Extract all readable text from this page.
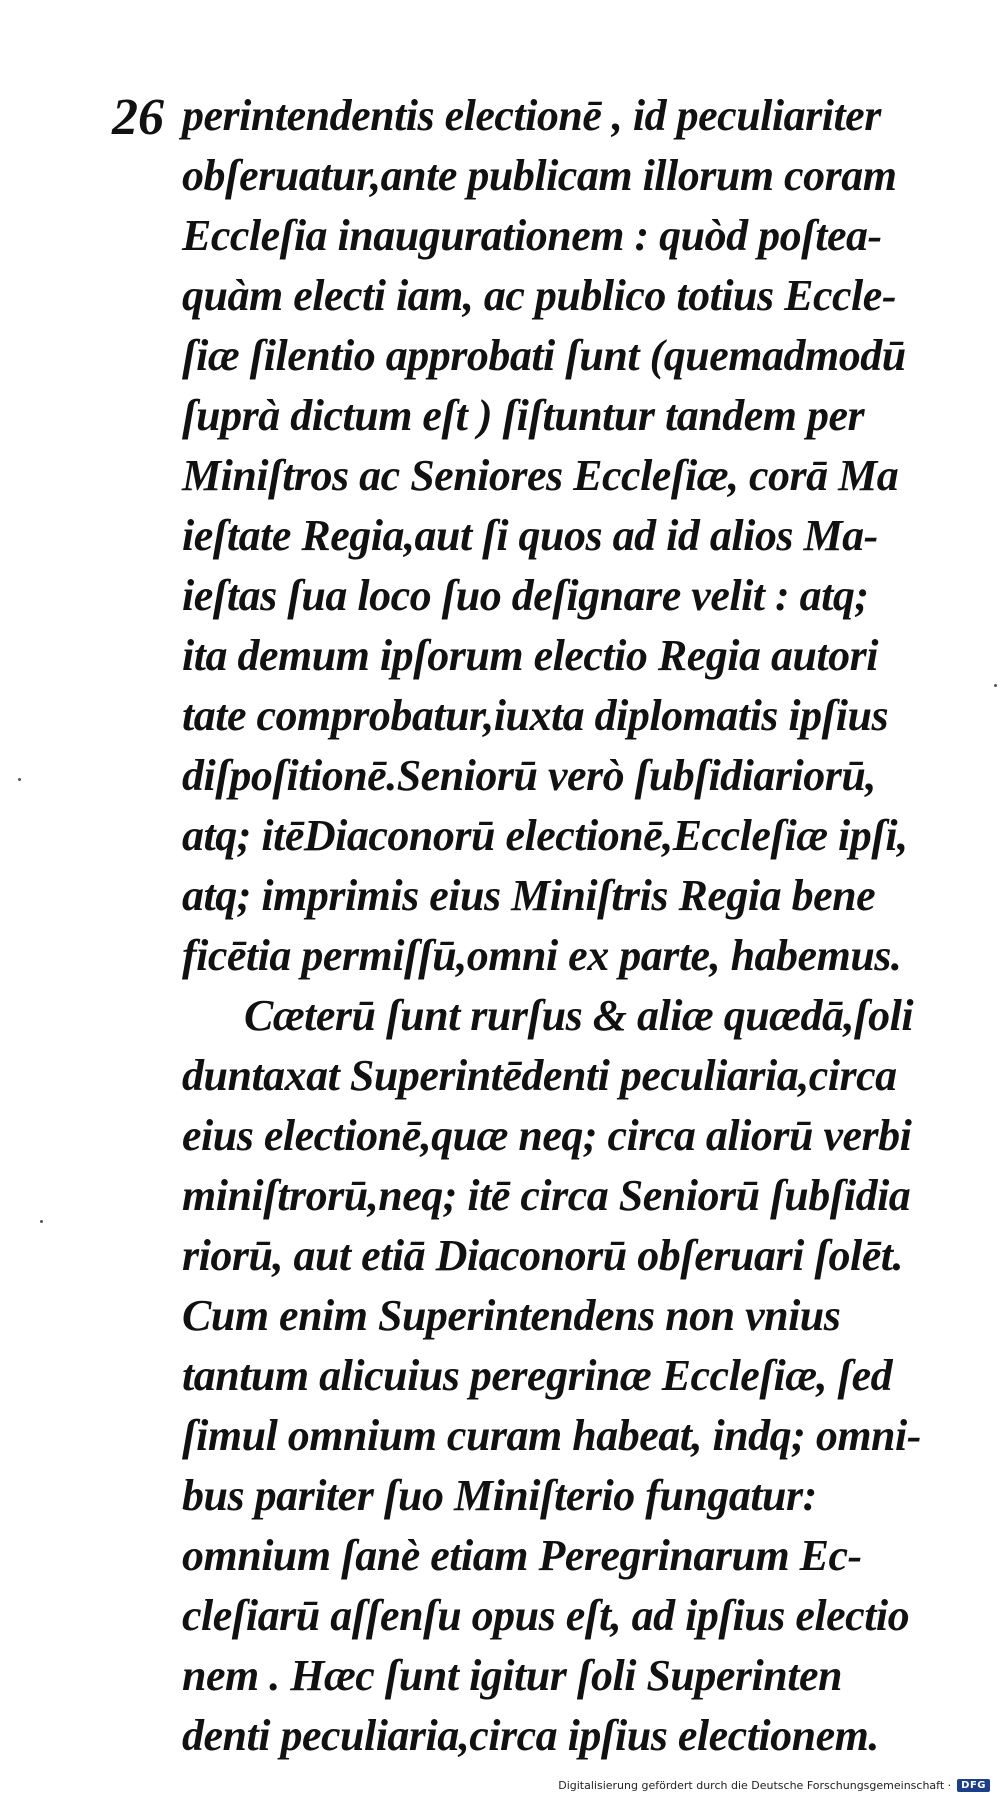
26 perintendentis electionē , id peculiariter
obſeruatur,ante publicam illorum coram
Eccleſia inaugurationem : quòd poſtea-
quàm electi iam, ac publico totius Eccle-
ſiæ ſilentio approbati ſunt (quemadmodū
ſuprà dictum eſt ) ſiſtuntur tandem per
Miniſtros ac Seniores Eccleſiæ, corā Ma
ieſtate Regia,aut ſi quos ad id alios Ma-
ieſtas ſua loco ſuo deſignare velit : atq;
ita demum ipſorum electio Regia autori
tate comprobatur,iuxta diplomatis ipſius
diſpoſitionē.Seniorū verò ſubſidiariorū,
atq; itēDiaconorū electionē,Eccleſiæ ipſi,
atq; imprimis eius Miniſtris Regia bene
ficētia permiſſū,omni ex parte, habemus.
Cæterū ſunt rurſus & aliæ quædā,ſoli
duntaxat Superintēdenti peculiaria,circa
eius electionē,quæ neq; circa aliorū verbi
miniſtrorū,neq; itē circa Seniorū ſubſidia
riorū, aut etiā Diaconorū obſeruari ſolēt.
Cum enim Superintendens non vnius
tantum alicuius peregrinæ Eccleſiæ, ſed
ſimul omnium curam habeat, indq; omni-
bus pariter ſuo Miniſterio fungatur:
omnium ſanè etiam Peregrinarum Ec-
cleſiarū aſſenſu opus eſt, ad ipſius electio
nem . Hæc ſunt igitur ſoli Superinten
denti peculiaria,circa ipſius electionem.
Digitalisierung gefördert durch die Deutsche Forschungsgemeinschaft ·	DFG
